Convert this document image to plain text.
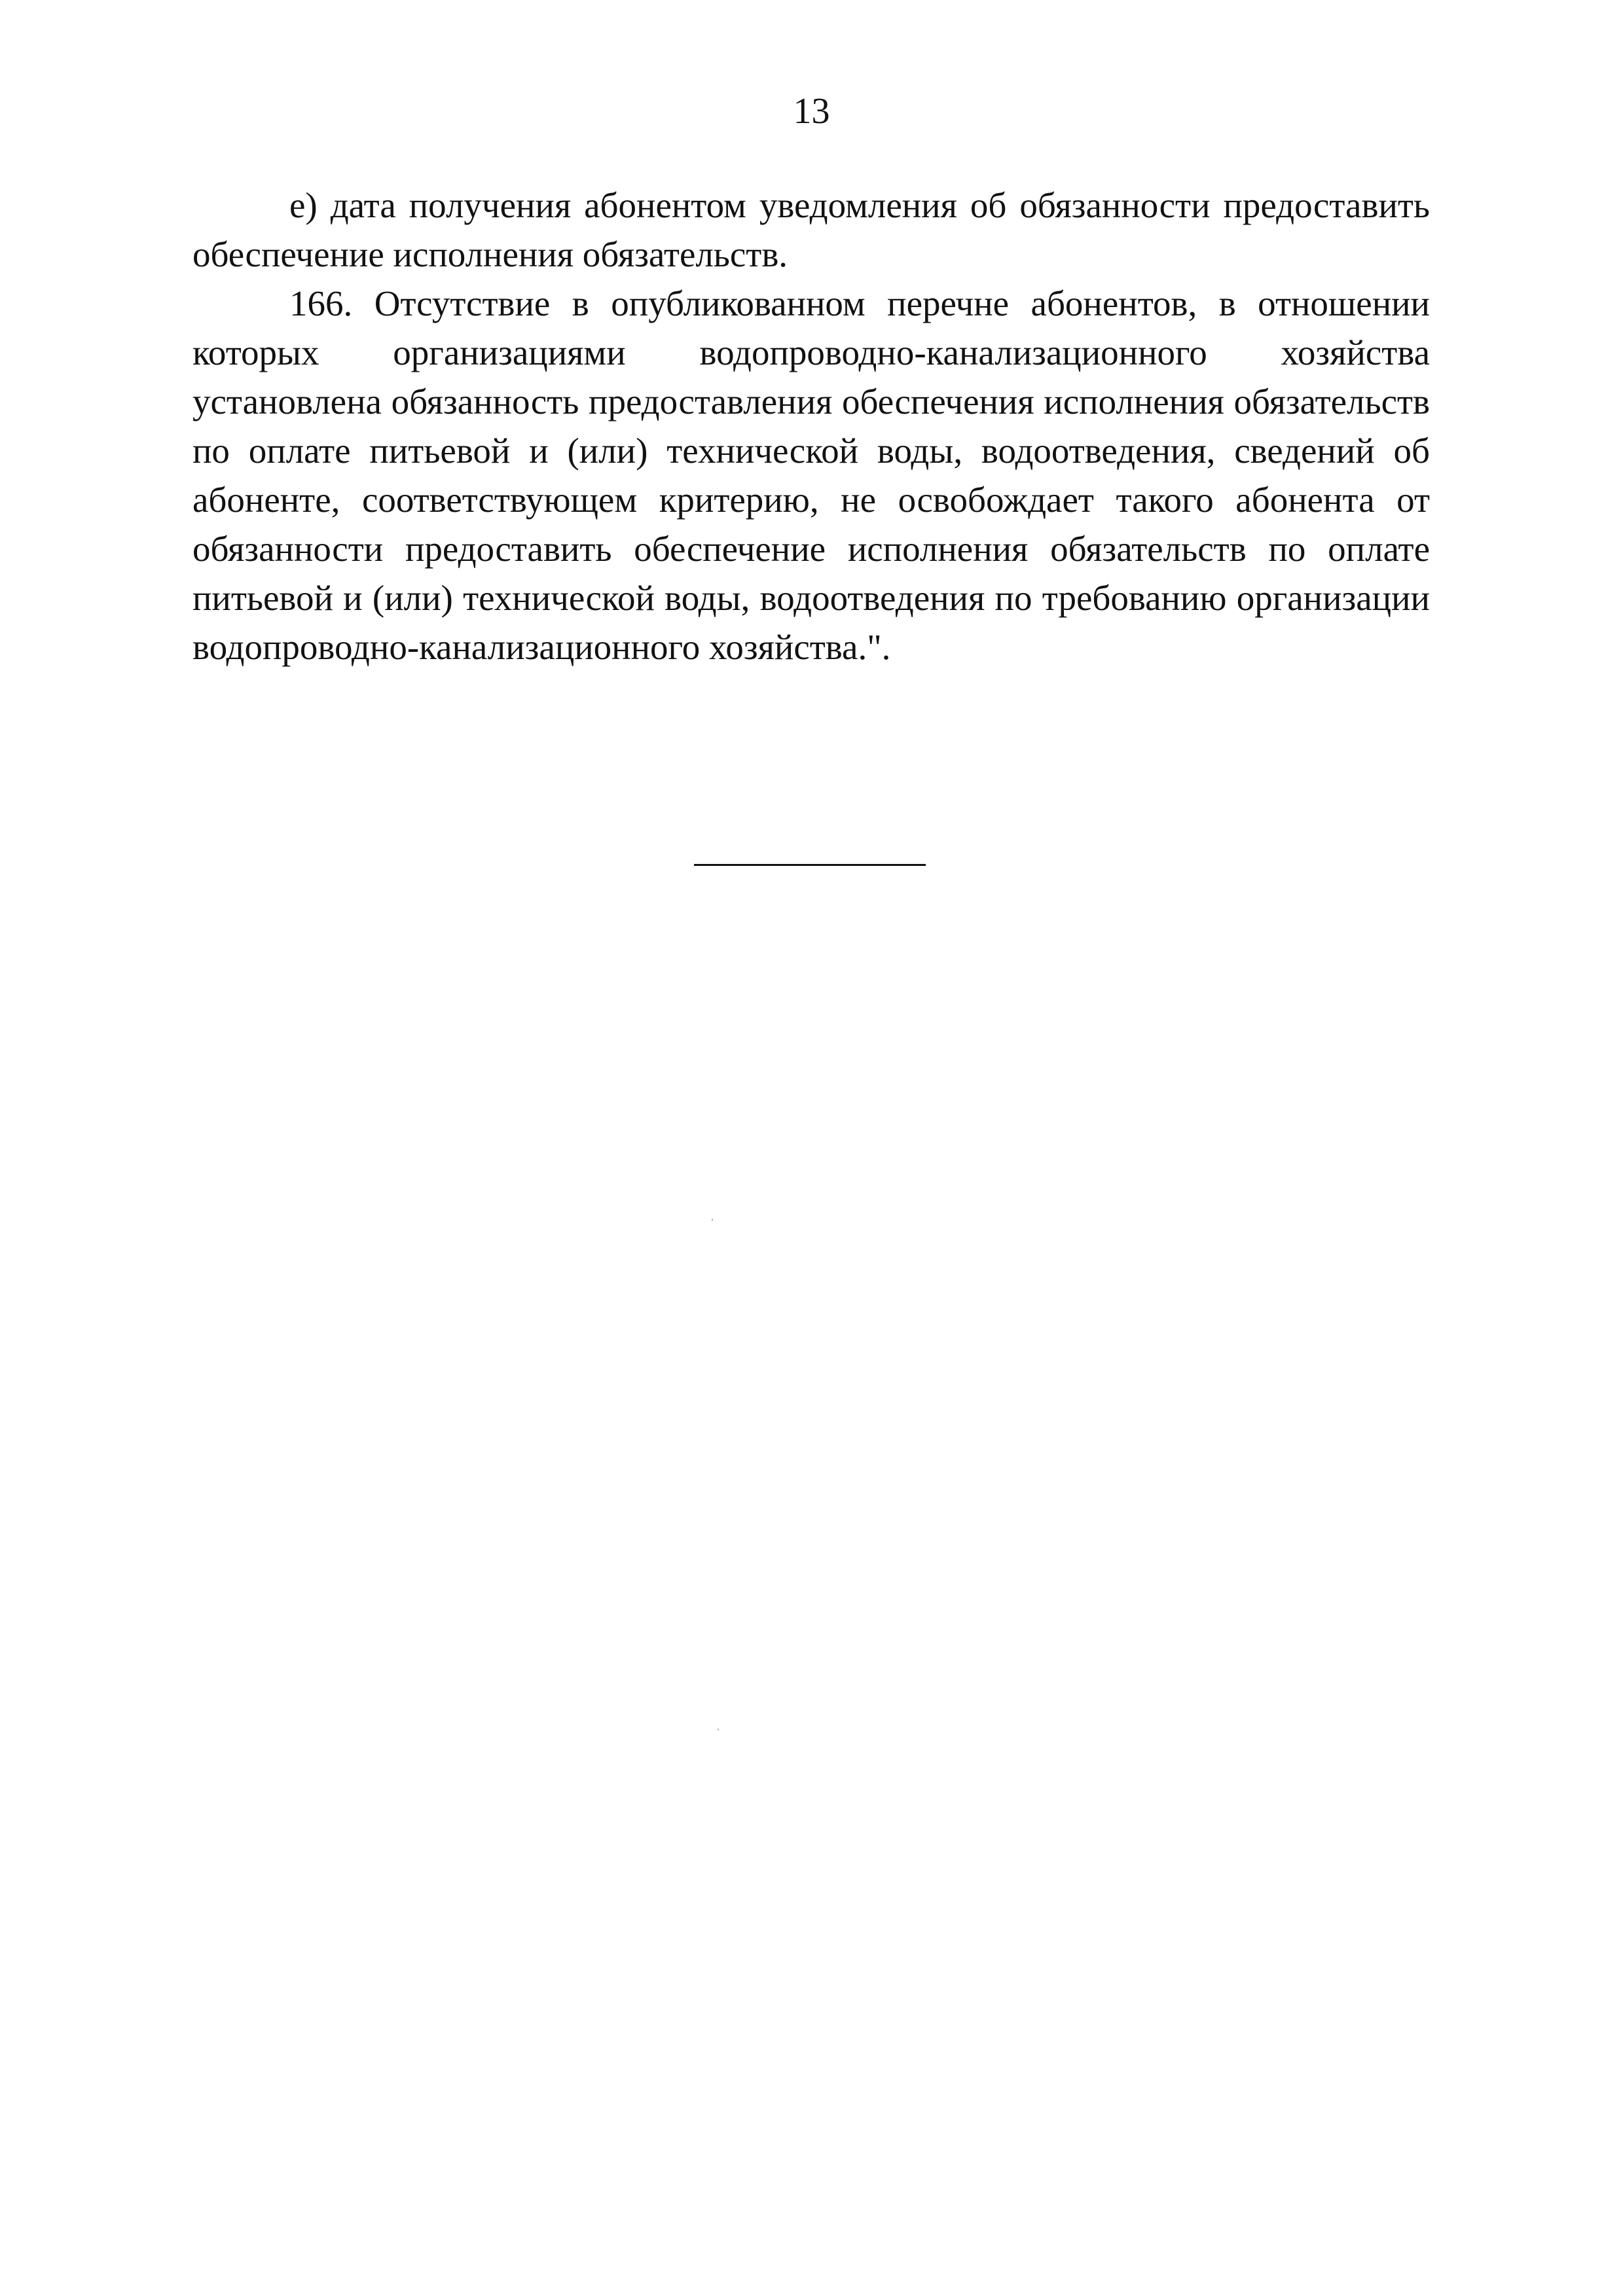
13

е) дата получения абонентом уведомления об обязанности предоставить обеспечение исполнения обязательств.

166. Отсутствие в опубликованном перечне абонентов, в отношении которых организациями водопроводно-канализационного хозяйства установлена обязанность предоставления обеспечения исполнения обязательств по оплате питьевой и (или) технической воды, водоотведения, сведений об абоненте, соответствующем критерию, не освобождает такого абонента от обязанности предоставить обеспечение исполнения обязательств по оплате питьевой и (или) технической воды, водоотведения по требованию организации водопроводно-канализационного хозяйства.".
